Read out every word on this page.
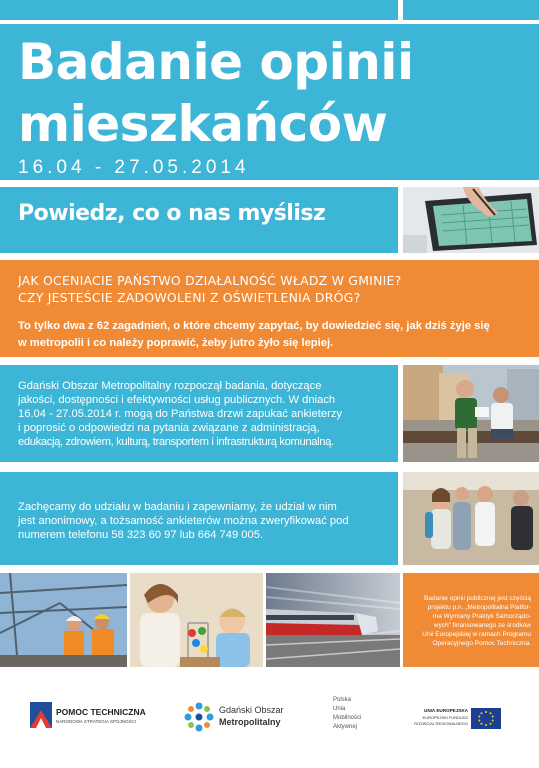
Badanie opinii
mieszkańców
16.04 - 27.05.2014
Powiedz, co o nas myślisz
JAK OCENIACIE PAŃSTWO DZIAŁALNOŚĆ WŁADZ W GMINIE?
CZY JESTEŚCIE ZADOWOLENI Z OŚWIETLENIA DRÓG?
To tylko dwa z 62 zagadnień, o które chcemy zapytać, by dowiedzieć się, jak dziś żyje się
w metropolii i co należy poprawić, żeby jutro żyło się lepiej.
Gdański Obszar Metropolitalny rozpoczął badania, dotyczące
jakości, dostępności i efektywności usług publicznych. W dniach
16.04 - 27.05.2014 r. mogą do Państwa drzwi zapukać ankieterzy
i poprosić o odpowiedzi na pytania związane z administracją,
edukacją, zdrowiem, kulturą, transportem i infrastrukturą komunalną.
Zachęcamy do udziału w badaniu i zapewniamy, że udział w nim
jest anonimowy, a tożsamość ankieterów można zweryfikować pod
numerem telefonu 58 323 60 97 lub 664 749 005.
Badanie opinii publicznej jest częścią
projektu p.n. „Metropolitalna Platfor-
ma Wymiany Praktyk Samorządo-
wych” finansowanego ze środków
Unii Europejskiej w ramach Programu
Operacyjnego Pomoc Techniczna.
POMOC TECHNICZNA
NARODOWA STRATEGIA SPÓJNOŚCI
Gdański Obszar
Metropolitalny
Polska
Unia
Mobilności
Aktywnej
UNIA EUROPEJSKA
EUROPEJSKI FUNDUSZ
ROZWOJU REGIONALNEGO
